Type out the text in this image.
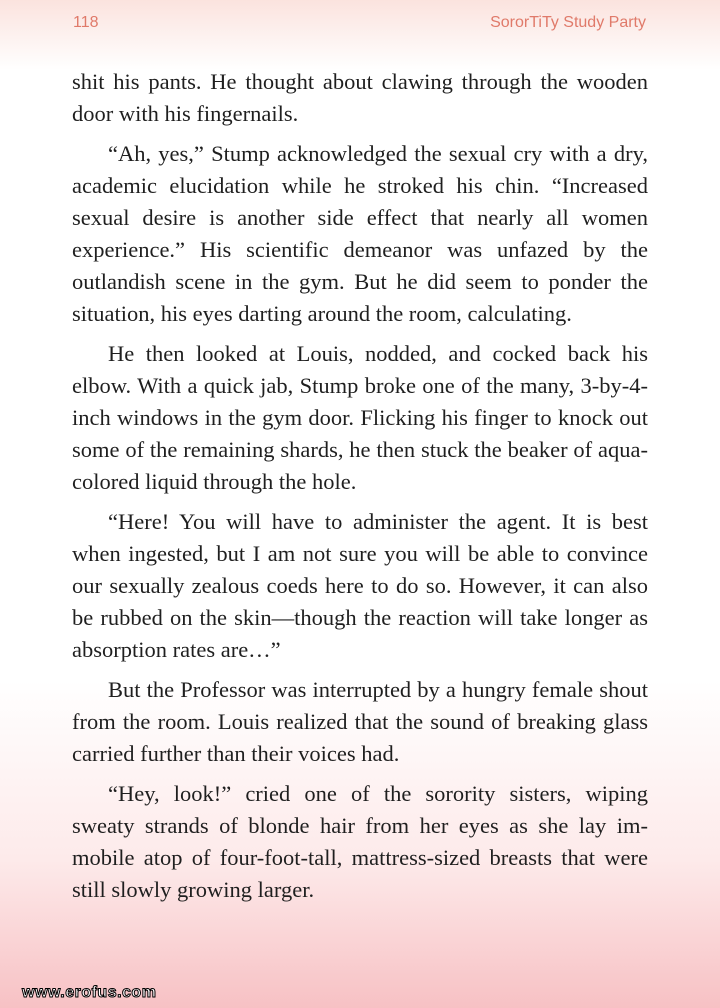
118	SororTiTy Study Party

shit his pants. He thought about clawing through the wooden door with his fingernails.

“Ah, yes,” Stump acknowledged the sexual cry with a dry, academic elucidation while he stroked his chin. “Increased sexual desire is another side effect that nearly all women experience.” His scientific demeanor was unfazed by the outlandish scene in the gym. But he did seem to ponder the situation, his eyes darting around the room, calculating.

He then looked at Louis, nodded, and cocked back his elbow. With a quick jab, Stump broke one of the many, 3-by-4-inch windows in the gym door. Flicking his finger to knock out some of the remaining shards, he then stuck the beaker of aqua-colored liquid through the hole.

“Here! You will have to administer the agent. It is best when ingested, but I am not sure you will be able to convince our sexually zealous coeds here to do so. However, it can also be rubbed on the skin—though the reaction will take longer as absorption rates are…”

But the Professor was interrupted by a hungry female shout from the room. Louis realized that the sound of breaking glass carried further than their voices had.

“Hey, look!” cried one of the sorority sisters, wiping sweaty strands of blonde hair from her eyes as she lay immobile atop of four-foot-tall, mattress-sized breasts that were still slowly growing larger.

www.erofus.com
